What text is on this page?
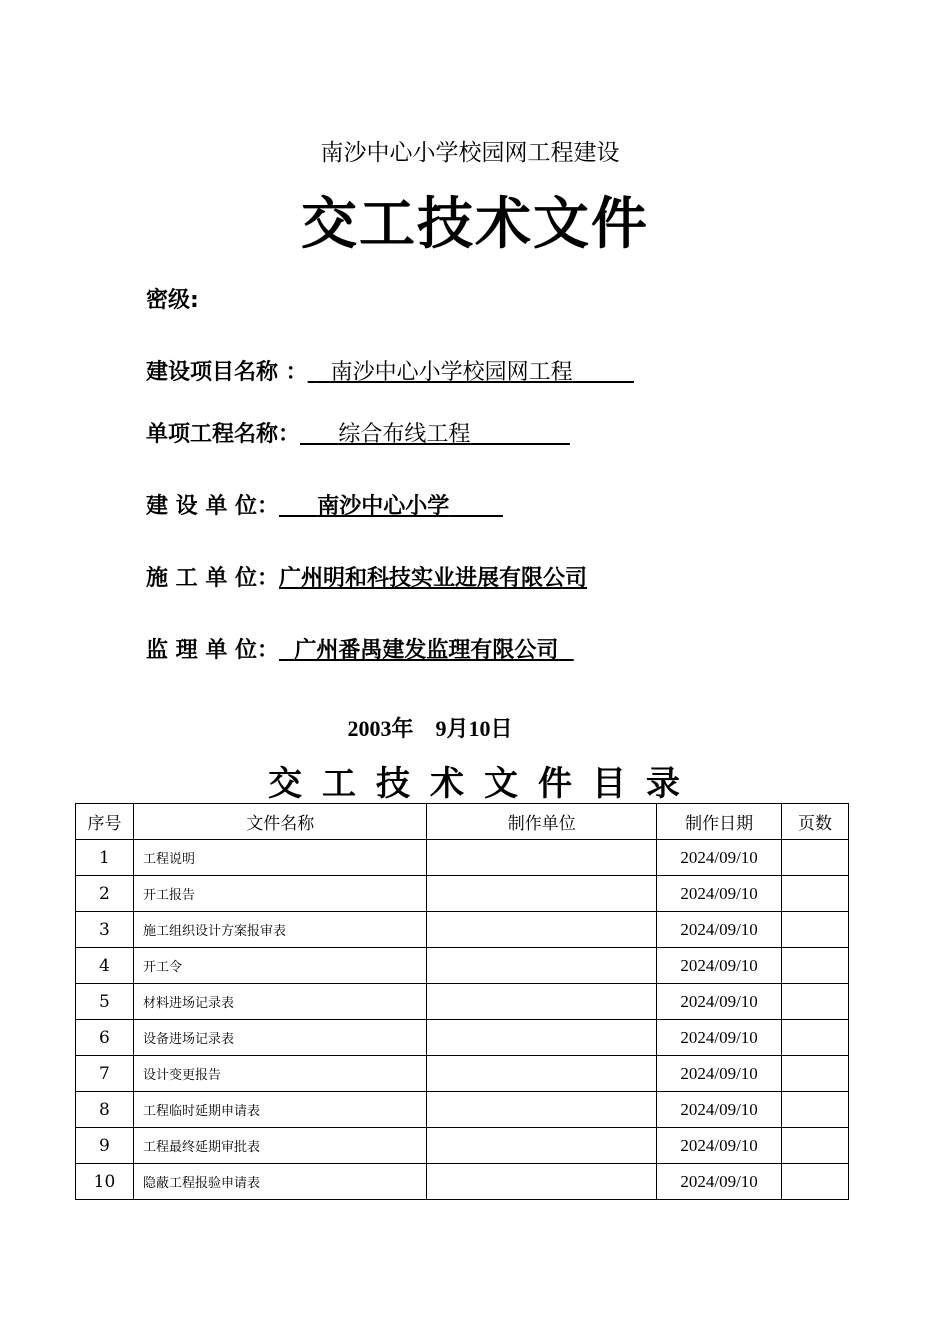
南沙中心小学校园网工程建设
交工技术文件
密级:
建设项目名称 ： 南沙中心小学校园网工程
单项工程名称： 综合布线工程
建 设 单 位： 南沙中心小学
施 工 单 位：广州明和科技实业进展有限公司
监 理 单 位： 广州番禺建发监理有限公司
2003年 9月10日
交工技术文件目录
序号	文件名称	制作单位	制作日期	页数
1	工程说明		2024/09/10	
2	开工报告		2024/09/10	
3	施工组织设计方案报审表		2024/09/10	
4	开工令		2024/09/10	
5	材料进场记录表		2024/09/10	
6	设备进场记录表		2024/09/10	
7	设计变更报告		2024/09/10	
8	工程临时延期申请表		2024/09/10	
9	工程最终延期审批表		2024/09/10	
10	隐蔽工程报验申请表		2024/09/10	
